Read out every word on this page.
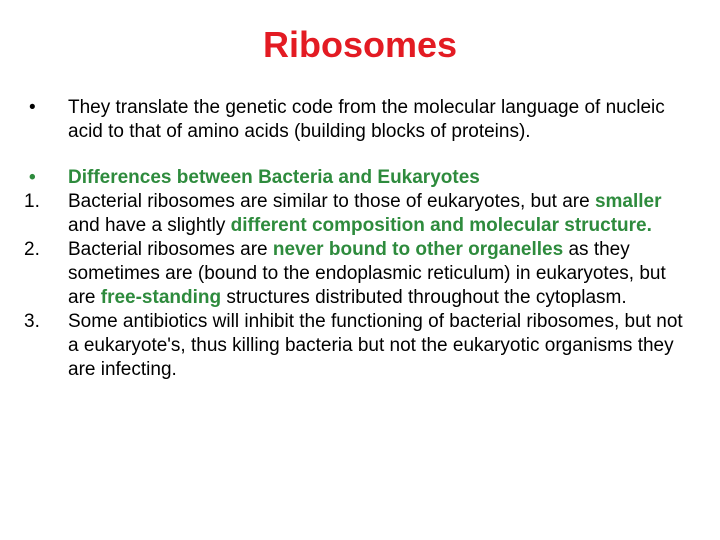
Ribosomes
•	They translate the genetic code from the molecular language of nucleic acid to that of amino acids (building blocks of proteins).
•	Differences between Bacteria and Eukaryotes
1.	Bacterial ribosomes are similar to those of eukaryotes, but are smaller and have a slightly different composition and molecular structure.
2.	Bacterial ribosomes are never bound to other organelles as they sometimes are (bound to the endoplasmic reticulum) in eukaryotes, but are free-standing structures distributed throughout the cytoplasm.
3.	Some antibiotics will inhibit the functioning of bacterial ribosomes, but not a eukaryote's, thus killing bacteria but not the eukaryotic organisms they are infecting.
